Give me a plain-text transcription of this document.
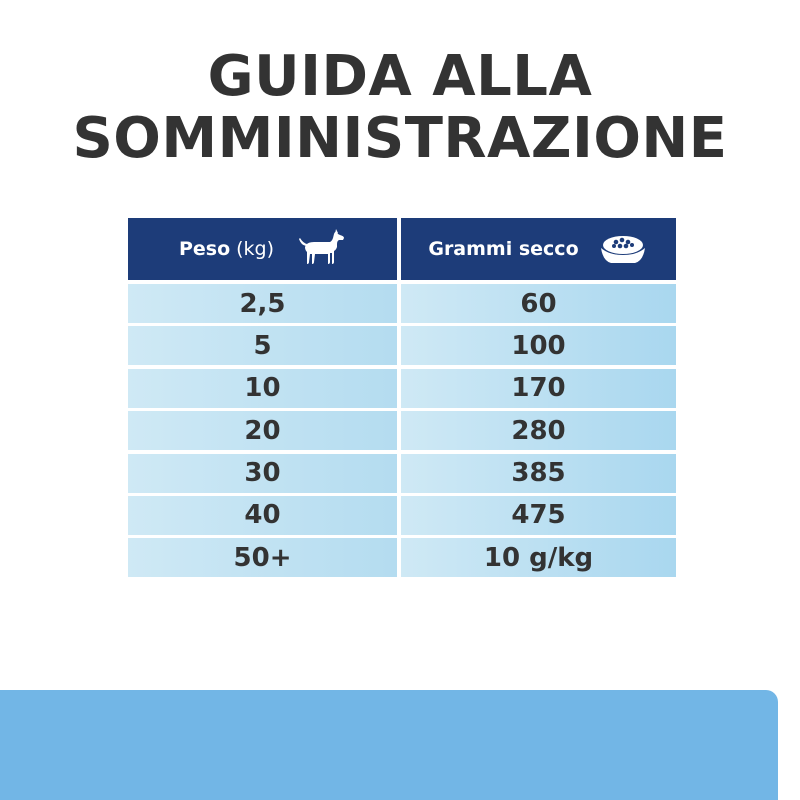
GUIDA ALLA
SOMMINISTRAZIONE
Peso (kg)	Grammi secco
2,5	60
5	100
10	170
20	280
30	385
40	475
50+	10 g/kg
